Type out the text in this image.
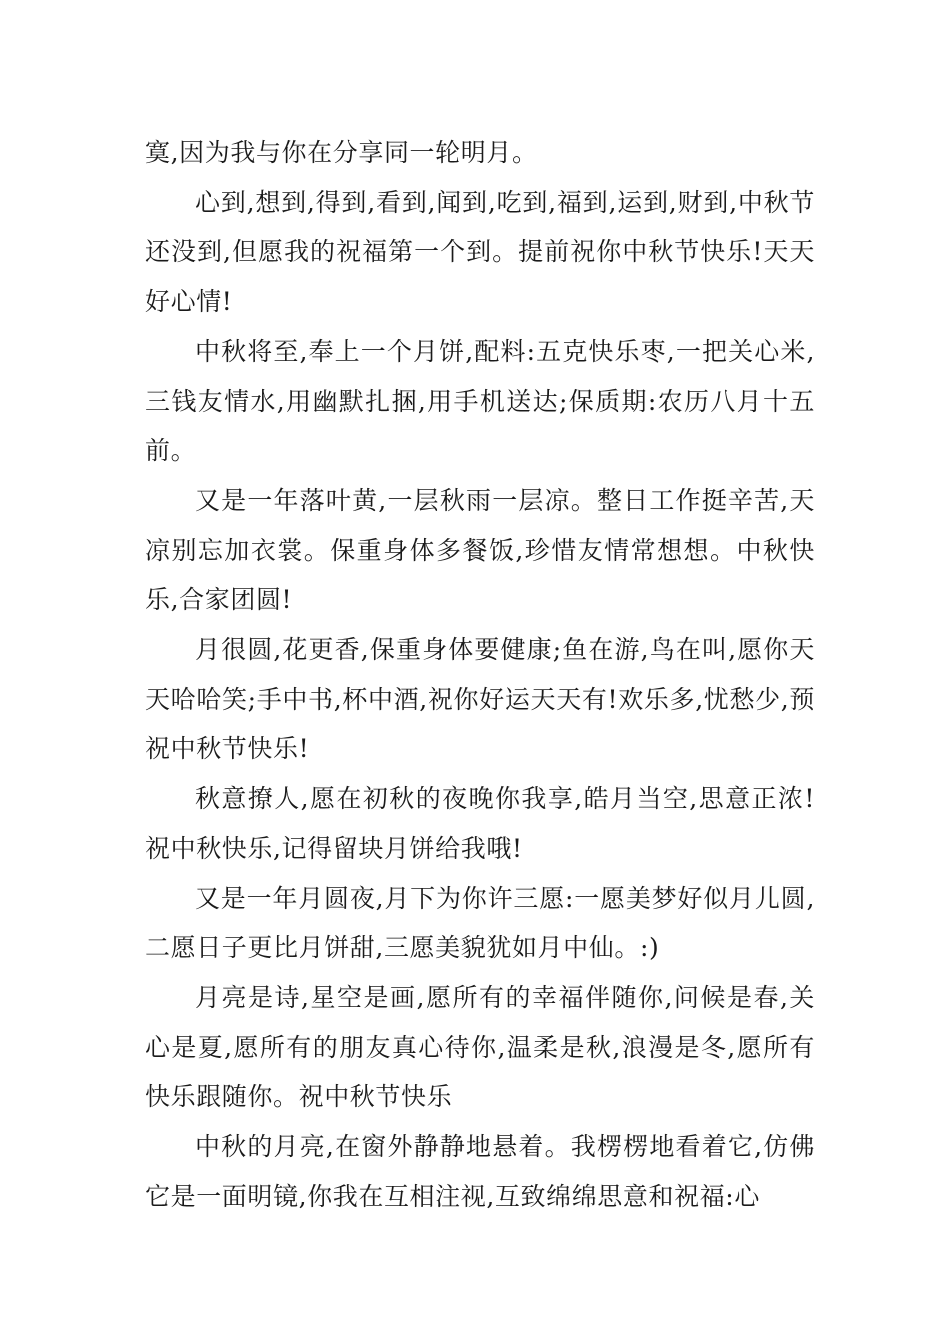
寞,因为我与你在分享同一轮明月。

心到,想到,得到,看到,闻到,吃到,福到,运到,财到,中秋节还没到,但愿我的祝福第一个到。提前祝你中秋节快乐!天天好心情!

中秋将至,奉上一个月饼,配料:五克快乐枣,一把关心米,三钱友情水,用幽默扎捆,用手机送达;保质期:农历八月十五前。

又是一年落叶黄,一层秋雨一层凉。整日工作挺辛苦,天凉别忘加衣裳。保重身体多餐饭,珍惜友情常想想。中秋快乐,合家团圆!

月很圆,花更香,保重身体要健康;鱼在游,鸟在叫,愿你天天哈哈笑;手中书,杯中酒,祝你好运天天有!欢乐多,忧愁少,预祝中秋节快乐!

秋意撩人,愿在初秋的夜晚你我享,皓月当空,思意正浓!祝中秋快乐,记得留块月饼给我哦!

又是一年月圆夜,月下为你许三愿:一愿美梦好似月儿圆,二愿日子更比月饼甜,三愿美貌犹如月中仙。:)

月亮是诗,星空是画,愿所有的幸福伴随你,问候是春,关心是夏,愿所有的朋友真心待你,温柔是秋,浪漫是冬,愿所有快乐跟随你。祝中秋节快乐

中秋的月亮,在窗外静静地悬着。我楞楞地看着它,仿佛它是一面明镜,你我在互相注视,互致绵绵思意和祝福:心
